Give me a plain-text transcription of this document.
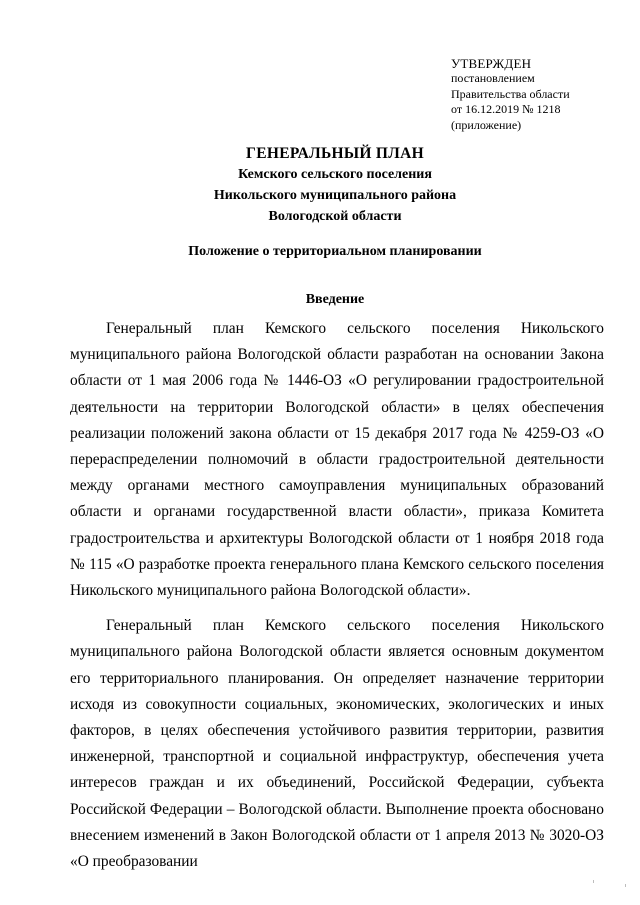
УТВЕРЖДЕН
постановлением
Правительства области
от 16.12.2019 № 1218
(приложение)
ГЕНЕРАЛЬНЫЙ ПЛАН
Кемского сельского поселения
Никольского муниципального района
Вологодской области
Положение о территориальном планировании
Введение

Генеральный план Кемского сельского поселения Никольского муниципального района Вологодской области разработан на основании Закона области от 1 мая 2006 года № 1446-ОЗ «О регулировании градостроительной деятельности на территории Вологодской области» в целях обеспечения реализации положений закона области от 15 декабря 2017 года № 4259-ОЗ «О перераспределении полномочий в области градостроительной деятельности между органами местного самоуправления муниципальных образований области и органами государственной власти области», приказа Комитета градостроительства и архитектуры Вологодской области от 1 ноября 2018 года № 115 «О разработке проекта генерального плана Кемского сельского поселения Никольского муниципального района Вологодской области».

Генеральный план Кемского сельского поселения Никольского муниципального района Вологодской области является основным документом его территориального планирования. Он определяет назначение территории исходя из совокупности социальных, экономических, экологических и иных факторов, в целях обеспечения устойчивого развития территории, развития инженерной, транспортной и социальной инфраструктур, обеспечения учета интересов граждан и их объединений, Российской Федерации, субъекта Российской Федерации – Вологодской области. Выполнение проекта обосновано внесением изменений в Закон Вологодской области от 1 апреля 2013 № 3020-ОЗ «О преобразовании
